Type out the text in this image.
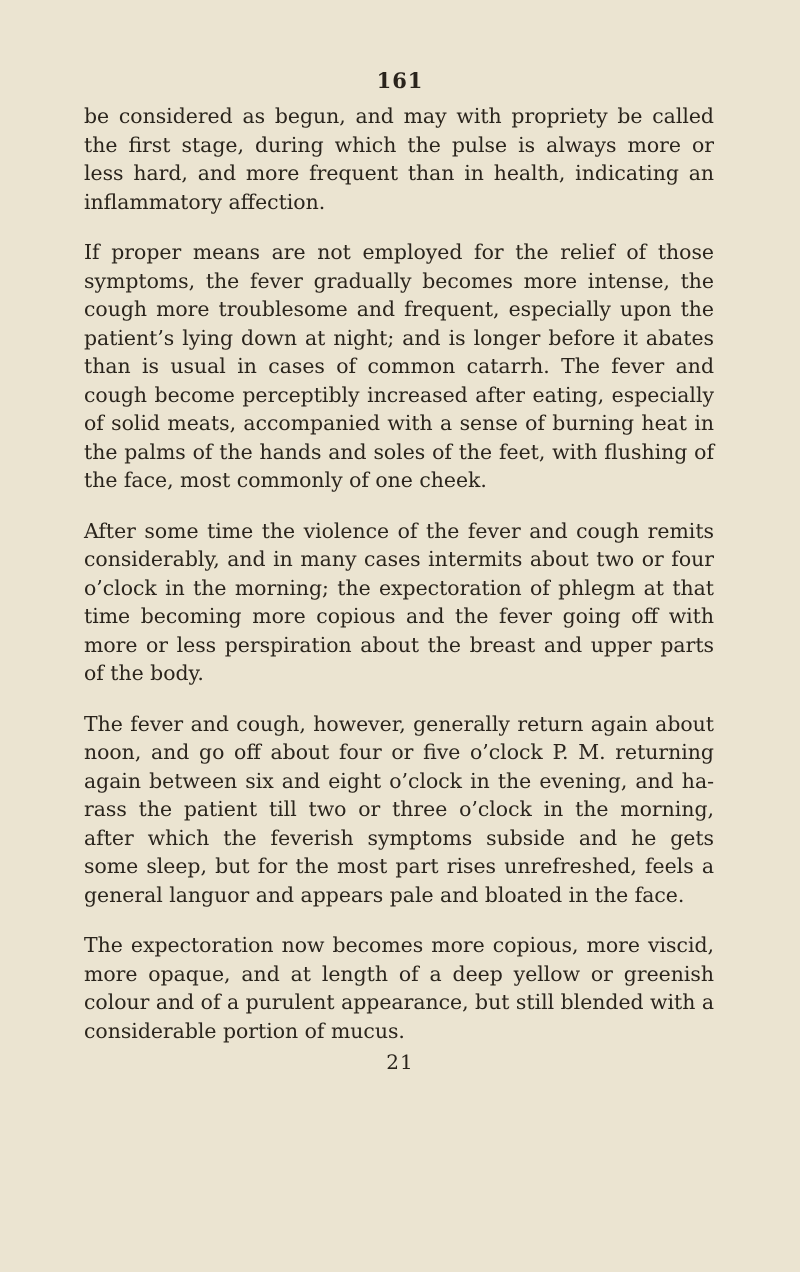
161

be considered as begun, and may with propriety be called the first stage, during which the pulse is always more or less hard, and more frequent than in health, indicating an inflammatory affection.

If proper means are not employed for the relief of those symptoms, the fever gradually becomes more intense, the cough more troublesome and frequent, especially upon the patient’s lying down at night; and is longer before it abates than is usual in cases of common catarrh. The fever and cough become perceptibly increased after eating, especially of solid meats, accompanied with a sense of burning heat in the palms of the hands and soles of the feet, with flushing of the face, most commonly of one cheek.

After some time the violence of the fever and cough remits considerably, and in many cases intermits about two or four o’clock in the morning; the expectoration of phlegm at that time becoming more copious and the fever going off with more or less perspiration about the breast and upper parts of the body.

The fever and cough, however, generally return again about noon, and go off about four or five o’clock P. M. returning again between six and eight o’clock in the evening, and harass the patient till two or three o’clock in the morning, after which the feverish symptoms subside and he gets some sleep, but for the most part rises unrefreshed, feels a general languor and appears pale and bloated in the face.

The expectoration now becomes more copious, more viscid, more opaque, and at length of a deep yellow or greenish colour and of a purulent appearance, but still blended with a considerable portion of mucus.

21
